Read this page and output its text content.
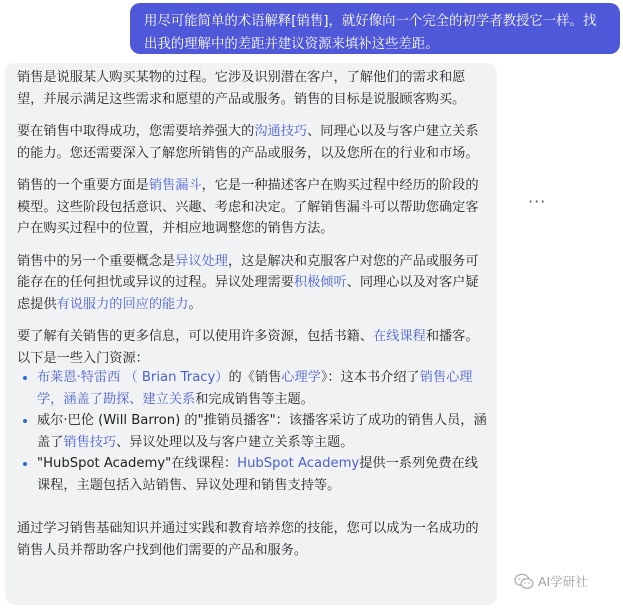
用尽可能简单的术语解释[销售]，就好像向一个完全的初学者教授它一样。找出我的理解中的差距并建议资源来填补这些差距。

销售是说服某人购买某物的过程。它涉及识别潜在客户，了解他们的需求和愿望，并展示满足这些需求和愿望的产品或服务。销售的目标是说服顾客购买。

要在销售中取得成功，您需要培养强大的沟通技巧、同理心以及与客户建立关系的能力。您还需要深入了解您所销售的产品或服务，以及您所在的行业和市场。

销售的一个重要方面是销售漏斗，它是一种描述客户在购买过程中经历的阶段的模型。这些阶段包括意识、兴趣、考虑和决定。了解销售漏斗可以帮助您确定客户在购买过程中的位置，并相应地调整您的销售方法。

销售中的另一个重要概念是异议处理，这是解决和克服客户对您的产品或服务可能存在的任何担忧或异议的过程。异议处理需要积极倾听、同理心以及对客户疑虑提供有说服力的回应的能力。

要了解有关销售的更多信息，可以使用许多资源，包括书籍、在线课程和播客。以下是一些入门资源：

• 布莱恩·特雷西 （ Brian Tracy）的《销售心理学》：这本书介绍了销售心理学，涵盖了勘探、建立关系和完成销售等主题。
• 威尔·巴伦 (Will Barron) 的"推销员播客"：该播客采访了成功的销售人员，涵盖了销售技巧、异议处理以及与客户建立关系等主题。
• "HubSpot Academy"在线课程：HubSpot Academy提供一系列免费在线课程，主题包括入站销售、异议处理和销售支持等。

通过学习销售基础知识并通过实践和教育培养您的技能，您可以成为一名成功的销售人员并帮助客户找到他们需要的产品和服务。

···
AI学研社
